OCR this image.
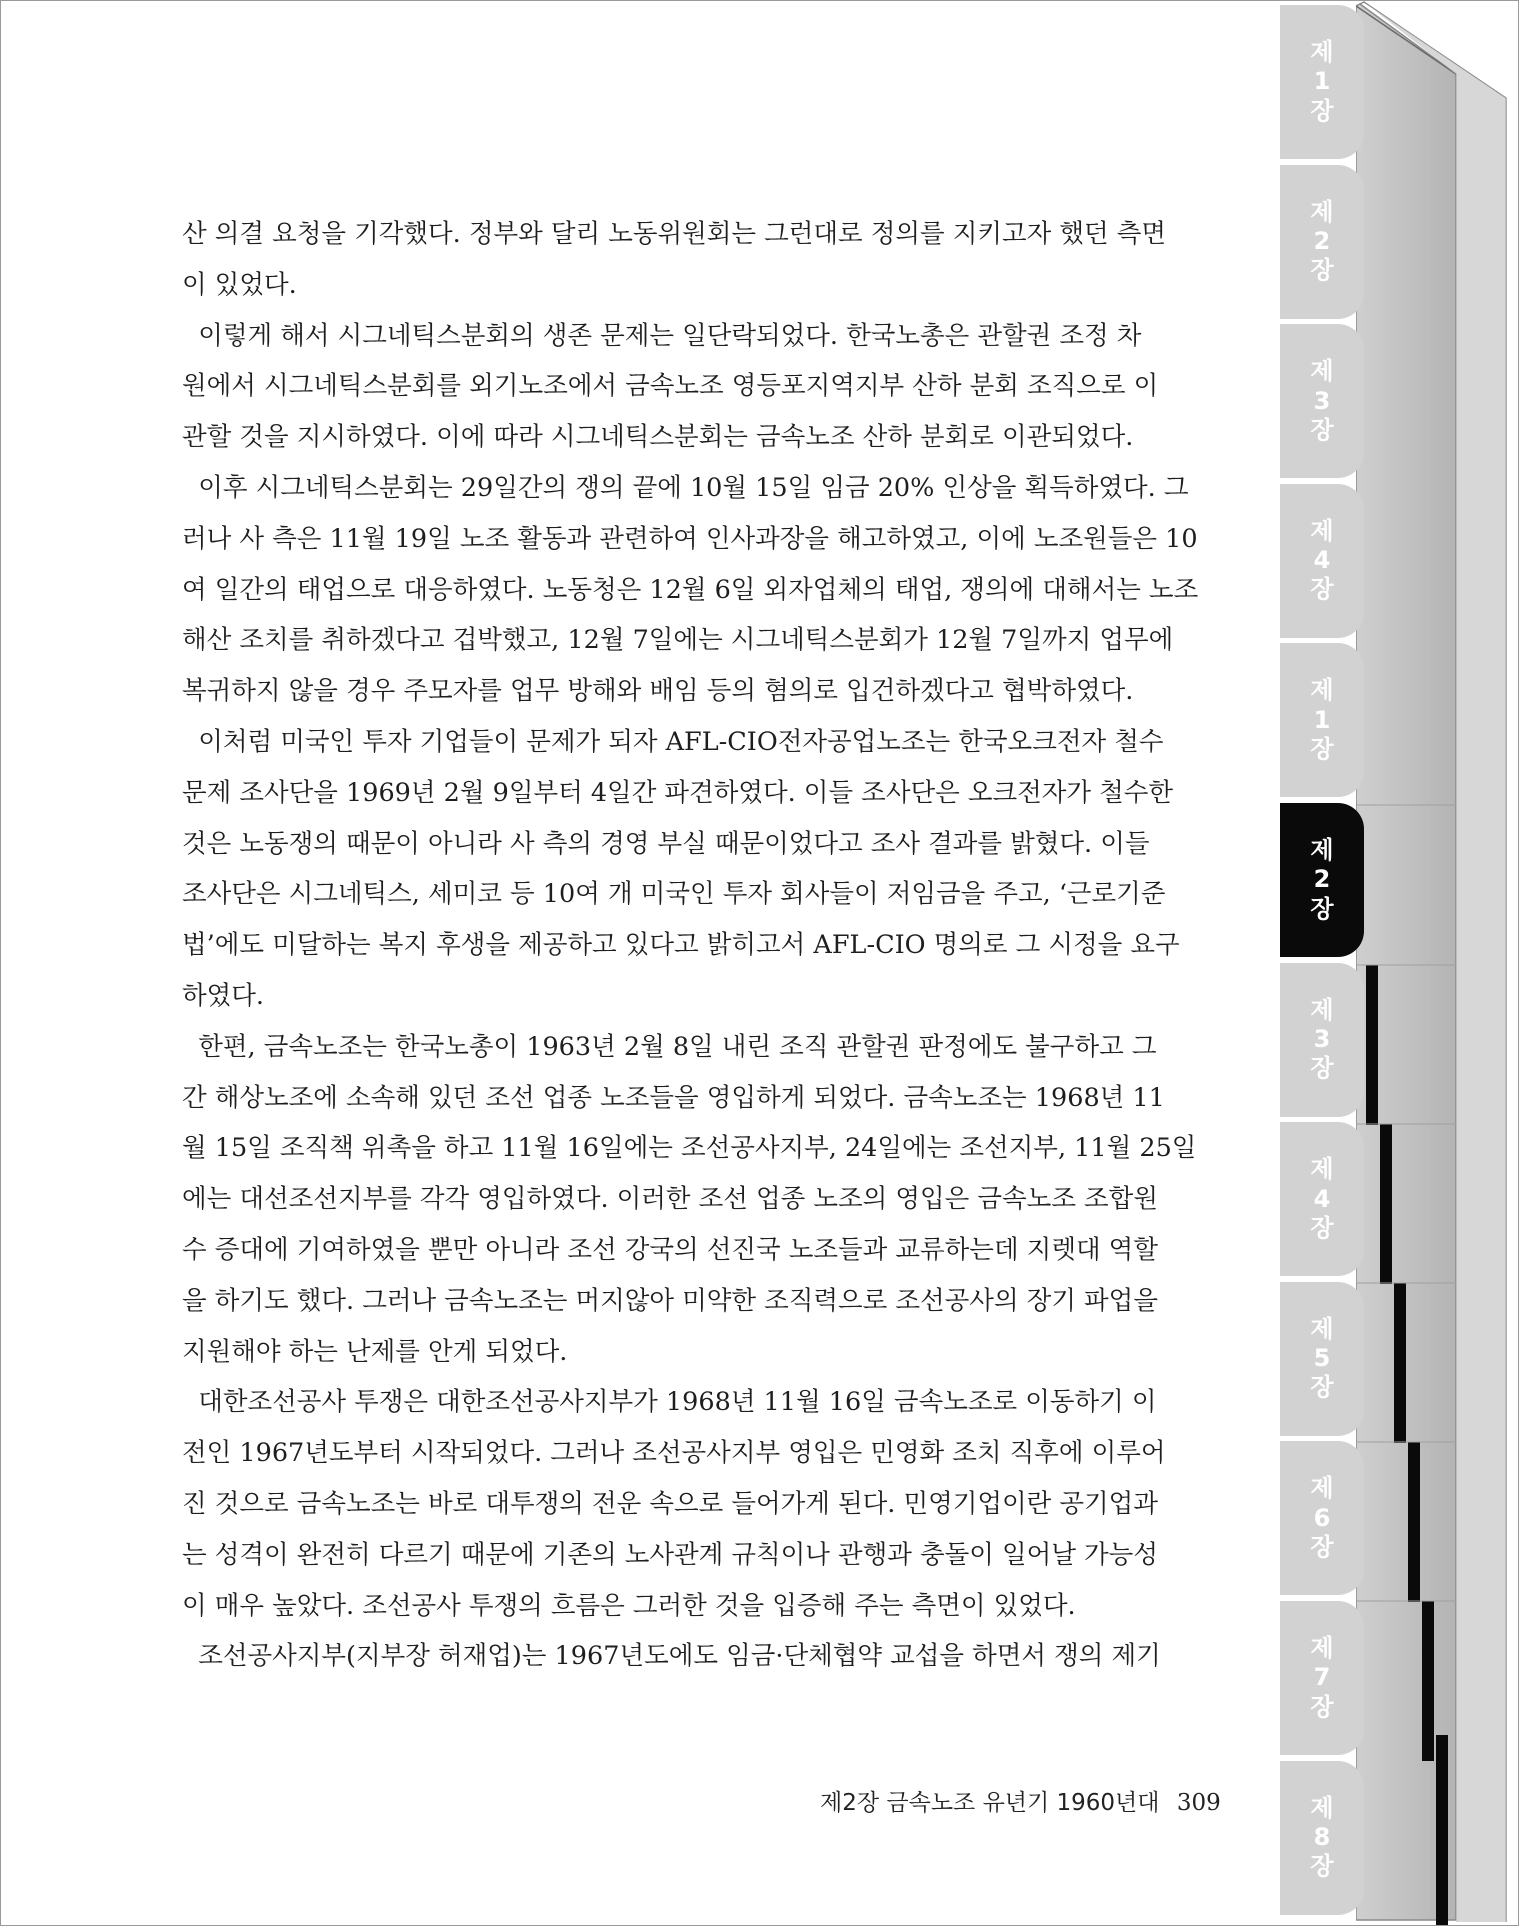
제
1
장
제
2
장
제
3
장
제
4
장
제
1
장
제
2
장
제
3
장
제
4
장
제
5
장
제
6
장
제
7
장
제
8
장
산 의결 요청을 기각했다. 정부와 달리 노동위원회는 그런대로 정의를 지키고자 했던 측면
이 있었다.
이렇게 해서 시그네틱스분회의 생존 문제는 일단락되었다. 한국노총은 관할권 조정 차
원에서 시그네틱스분회를 외기노조에서 금속노조 영등포지역지부 산하 분회 조직으로 이
관할 것을 지시하였다. 이에 따라 시그네틱스분회는 금속노조 산하 분회로 이관되었다.
이후 시그네틱스분회는 29일간의 쟁의 끝에 10월 15일 임금 20% 인상을 획득하였다. 그
러나 사 측은 11월 19일 노조 활동과 관련하여 인사과장을 해고하였고, 이에 노조원들은 10
여 일간의 태업으로 대응하였다. 노동청은 12월 6일 외자업체의 태업, 쟁의에 대해서는 노조
해산 조치를 취하겠다고 겁박했고, 12월 7일에는 시그네틱스분회가 12월 7일까지 업무에
복귀하지 않을 경우 주모자를 업무 방해와 배임 등의 혐의로 입건하겠다고 협박하였다.
이처럼 미국인 투자 기업들이 문제가 되자 AFL-CIO전자공업노조는 한국오크전자 철수
문제 조사단을 1969년 2월 9일부터 4일간 파견하였다. 이들 조사단은 오크전자가 철수한
것은 노동쟁의 때문이 아니라 사 측의 경영 부실 때문이었다고 조사 결과를 밝혔다. 이들
조사단은 시그네틱스, 세미코 등 10여 개 미국인 투자 회사들이 저임금을 주고, ‘근로기준
법’에도 미달하는 복지 후생을 제공하고 있다고 밝히고서 AFL-CIO 명의로 그 시정을 요구
하였다.
한편, 금속노조는 한국노총이 1963년 2월 8일 내린 조직 관할권 판정에도 불구하고 그
간 해상노조에 소속해 있던 조선 업종 노조들을 영입하게 되었다. 금속노조는 1968년 11
월 15일 조직책 위촉을 하고 11월 16일에는 조선공사지부, 24일에는 조선지부, 11월 25일
에는 대선조선지부를 각각 영입하였다. 이러한 조선 업종 노조의 영입은 금속노조 조합원
수 증대에 기여하였을 뿐만 아니라 조선 강국의 선진국 노조들과 교류하는데 지렛대 역할
을 하기도 했다. 그러나 금속노조는 머지않아 미약한 조직력으로 조선공사의 장기 파업을
지원해야 하는 난제를 안게 되었다.
대한조선공사 투쟁은 대한조선공사지부가 1968년 11월 16일 금속노조로 이동하기 이
전인 1967년도부터 시작되었다. 그러나 조선공사지부 영입은 민영화 조치 직후에 이루어
진 것으로 금속노조는 바로 대투쟁의 전운 속으로 들어가게 된다. 민영기업이란 공기업과
는 성격이 완전히 다르기 때문에 기존의 노사관계 규칙이나 관행과 충돌이 일어날 가능성
이 매우 높았다. 조선공사 투쟁의 흐름은 그러한 것을 입증해 주는 측면이 있었다.
조선공사지부(지부장 허재업)는 1967년도에도 임금·단체협약 교섭을 하면서 쟁의 제기
제2장 금속노조 유년기 1960년대 309
